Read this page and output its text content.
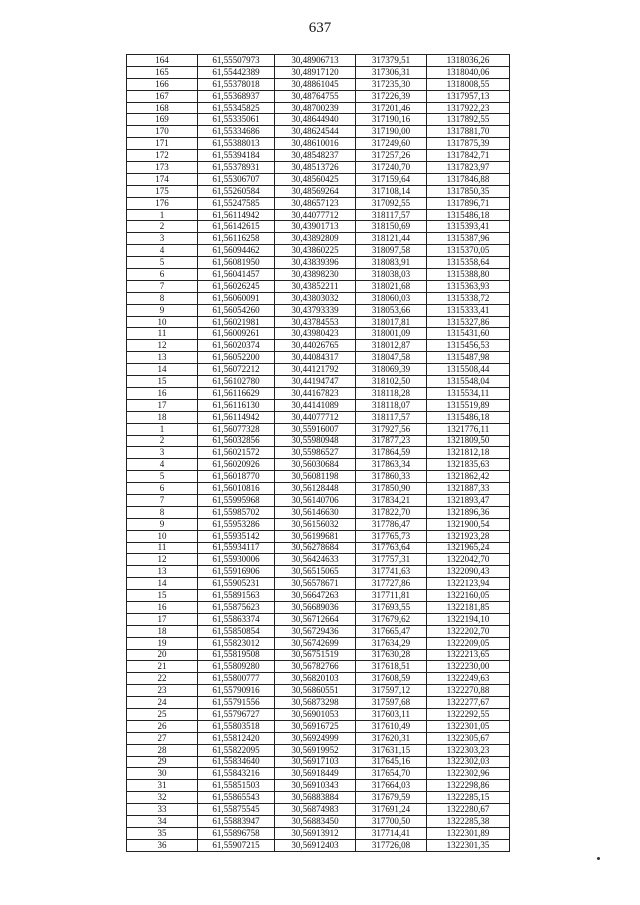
637
164	61,55507973	30,48906713	317379,51	1318036,26
165	61,55442389	30,48917120	317306,31	1318040,06
166	61,55378018	30,48861045	317235,30	1318008,55
167	61,55368937	30,48764755	317226,39	1317957,13
168	61,55345825	30,48700239	317201,46	1317922,23
169	61,55335061	30,48644940	317190,16	1317892,55
170	61,55334686	30,48624544	317190,00	1317881,70
171	61,55388013	30,48610016	317249,60	1317875,39
172	61,55394184	30,48548237	317257,26	1317842,71
173	61,55378931	30,48513726	317240,70	1317823,97
174	61,55306707	30,48560425	317159,64	1317846,88
175	61,55260584	30,48569264	317108,14	1317850,35
176	61,55247585	30,48657123	317092,55	1317896,71
1	61,56114942	30,44077712	318117,57	1315486,18
2	61,56142615	30,43901713	318150,69	1315393,41
3	61,56116258	30,43892809	318121,44	1315387,96
4	61,56094462	30,43860225	318097,58	1315370,05
5	61,56081950	30,43839396	318083,91	1315358,64
6	61,56041457	30,43898230	318038,03	1315388,80
7	61,56026245	30,43852211	318021,68	1315363,93
8	61,56060091	30,43803032	318060,03	1315338,72
9	61,56054260	30,43793339	318053,66	1315333,41
10	61,56021981	30,43784553	318017,81	1315327,86
11	61,56009261	30,43980423	318001,09	1315431,60
12	61,56020374	30,44026765	318012,87	1315456,53
13	61,56052200	30,44084317	318047,58	1315487,98
14	61,56072212	30,44121792	318069,39	1315508,44
15	61,56102780	30,44194747	318102,50	1315548,04
16	61,56116629	30,44167823	318118,28	1315534,11
17	61,56116130	30,44141089	318118,07	1315519,89
18	61,56114942	30,44077712	318117,57	1315486,18
1	61,56077328	30,55916007	317927,56	1321776,11
2	61,56032856	30,55980948	317877,23	1321809,50
3	61,56021572	30,55986527	317864,59	1321812,18
4	61,56020926	30,56030684	317863,34	1321835,63
5	61,56018770	30,56081198	317860,33	1321862,42
6	61,56010816	30,56128448	317850,90	1321887,33
7	61,55995968	30,56140706	317834,21	1321893,47
8	61,55985702	30,56146630	317822,70	1321896,36
9	61,55953286	30,56156032	317786,47	1321900,54
10	61,55935142	30,56199681	317765,73	1321923,28
11	61,55934117	30,56278684	317763,64	1321965,24
12	61,55930006	30,56424633	317757,31	1322042,70
13	61,55916906	30,56515065	317741,63	1322090,43
14	61,55905231	30,56578671	317727,86	1322123,94
15	61,55891563	30,56647263	317711,81	1322160,05
16	61,55875623	30,56689036	317693,55	1322181,85
17	61,55863374	30,56712664	317679,62	1322194,10
18	61,55850854	30,56729436	317665,47	1322202,70
19	61,55823012	30,56742699	317634,29	1322209,05
20	61,55819508	30,56751519	317630,28	1322213,65
21	61,55809280	30,56782766	317618,51	1322230,00
22	61,55800777	30,56820103	317608,59	1322249,63
23	61,55790916	30,56860551	317597,12	1322270,88
24	61,55791556	30,56873298	317597,68	1322277,67
25	61,55796727	30,56901053	317603,11	1322292,55
26	61,55803518	30,56916725	317610,49	1322301,05
27	61,55812420	30,56924999	317620,31	1322305,67
28	61,55822095	30,56919952	317631,15	1322303,23
29	61,55834640	30,56917103	317645,16	1322302,03
30	61,55843216	30,56918449	317654,70	1322302,96
31	61,55851503	30,56910343	317664,03	1322298,86
32	61,55865543	30,56883884	317679,59	1322285,15
33	61,55875545	30,56874983	317691,24	1322280,67
34	61,55883947	30,56883450	317700,50	1322285,38
35	61,55896758	30,56913912	317714,41	1322301,89
36	61,55907215	30,56912403	317726,08	1322301,35
